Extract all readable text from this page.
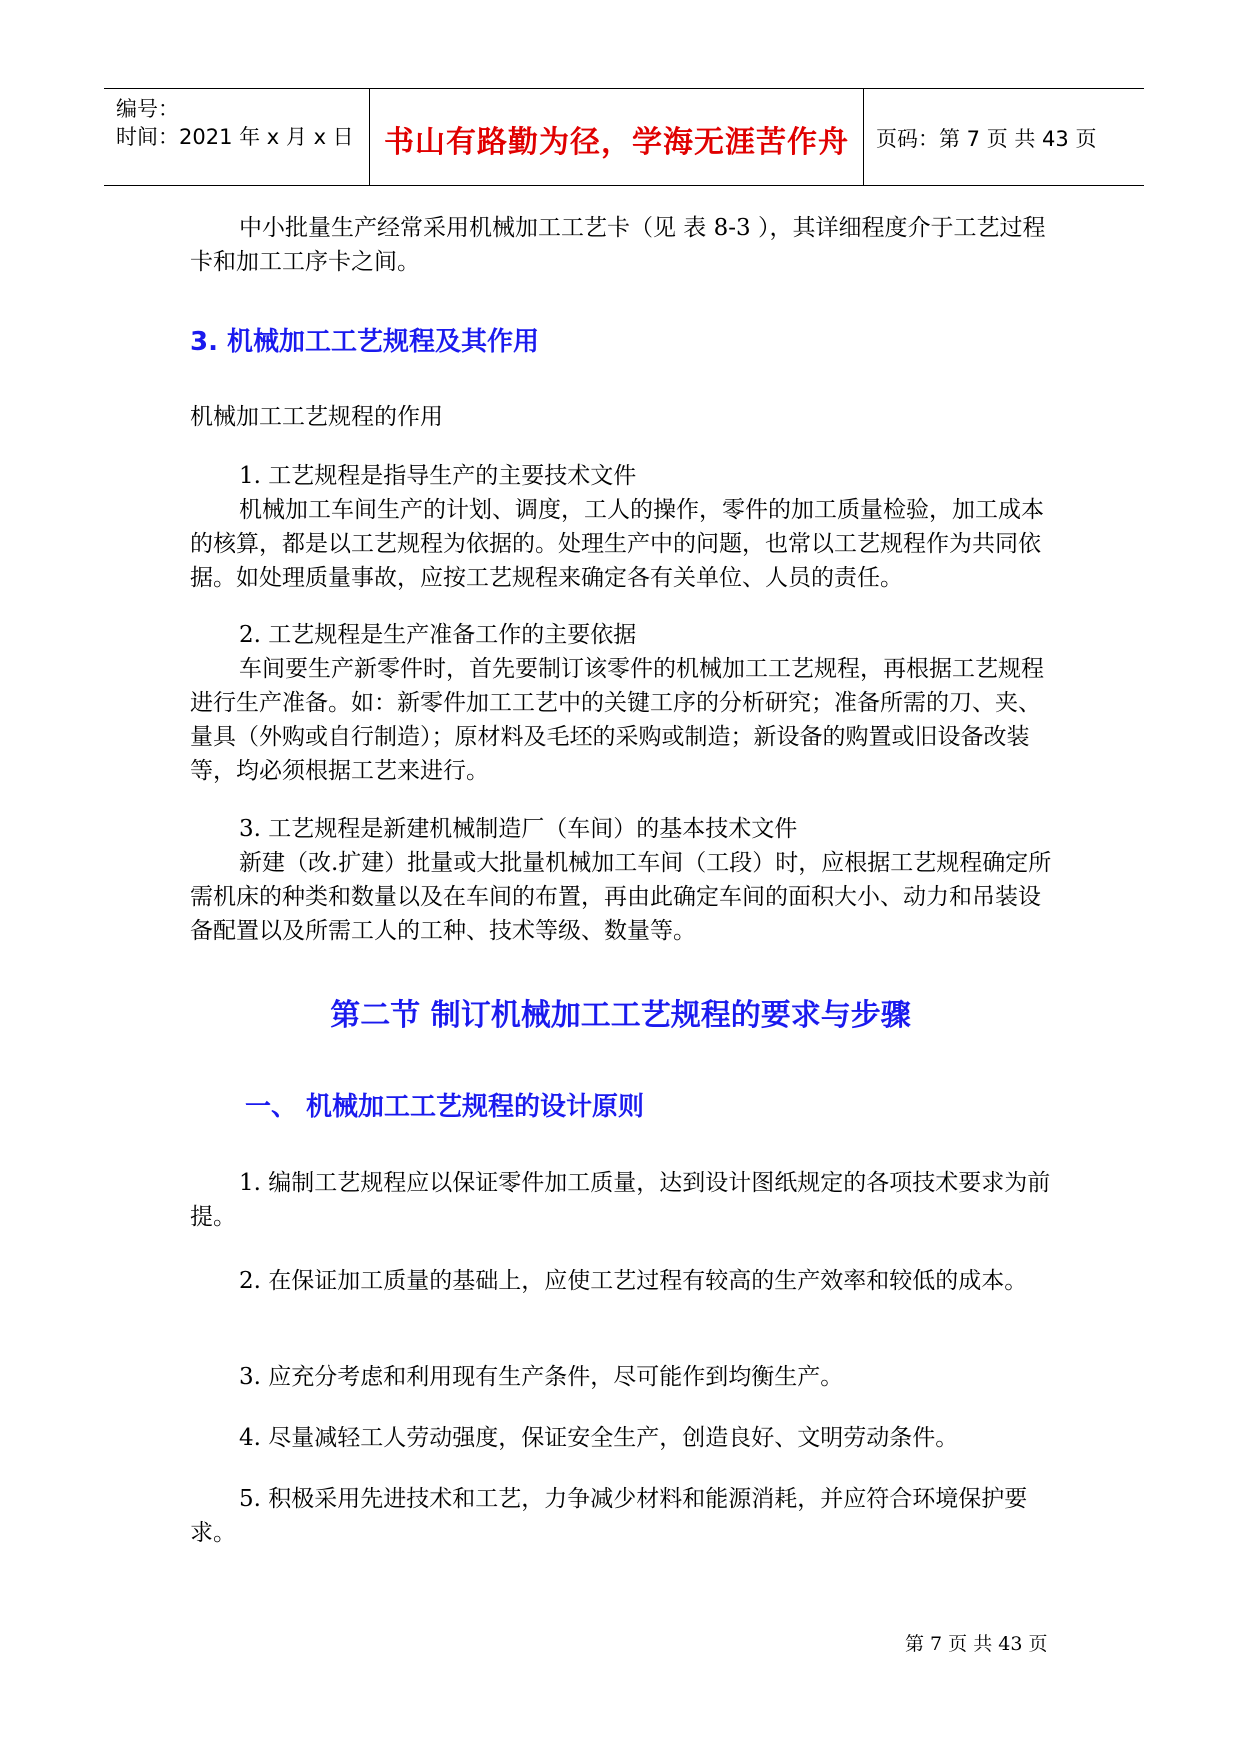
编号：
时间：2021 年 x 月 x 日	书山有路勤为径，学海无涯苦作舟	页码：第 7 页 共 43 页

中小批量生产经常采用机械加工工艺卡（见 表 8-3 ），其详细程度介于工艺过程卡和加工工序卡之间。

3. 机械加工工艺规程及其作用

机械加工工艺规程的作用

1. 工艺规程是指导生产的主要技术文件

机械加工车间生产的计划、调度，工人的操作，零件的加工质量检验，加工成本的核算，都是以工艺规程为依据的。处理生产中的问题，也常以工艺规程作为共同依据。如处理质量事故，应按工艺规程来确定各有关单位、人员的责任。

2. 工艺规程是生产准备工作的主要依据

车间要生产新零件时，首先要制订该零件的机械加工工艺规程，再根据工艺规程进行生产准备。如：新零件加工工艺中的关键工序的分析研究；准备所需的刀、夹、量具（外购或自行制造）；原材料及毛坯的采购或制造；新设备的购置或旧设备改装等，均必须根据工艺来进行。

3. 工艺规程是新建机械制造厂（车间）的基本技术文件

新建（改.扩建）批量或大批量机械加工车间（工段）时，应根据工艺规程确定所需机床的种类和数量以及在车间的布置，再由此确定车间的面积大小、动力和吊装设备配置以及所需工人的工种、技术等级、数量等。

第二节 制订机械加工工艺规程的要求与步骤
一、 机械加工工艺规程的设计原则

1. 编制工艺规程应以保证零件加工质量，达到设计图纸规定的各项技术要求为前提。

2. 在保证加工质量的基础上，应使工艺过程有较高的生产效率和较低的成本。

3. 应充分考虑和利用现有生产条件，尽可能作到均衡生产。

4. 尽量减轻工人劳动强度，保证安全生产，创造良好、文明劳动条件。

5. 积极采用先进技术和工艺，力争减少材料和能源消耗，并应符合环境保护要求。

第 7 页 共 43 页
